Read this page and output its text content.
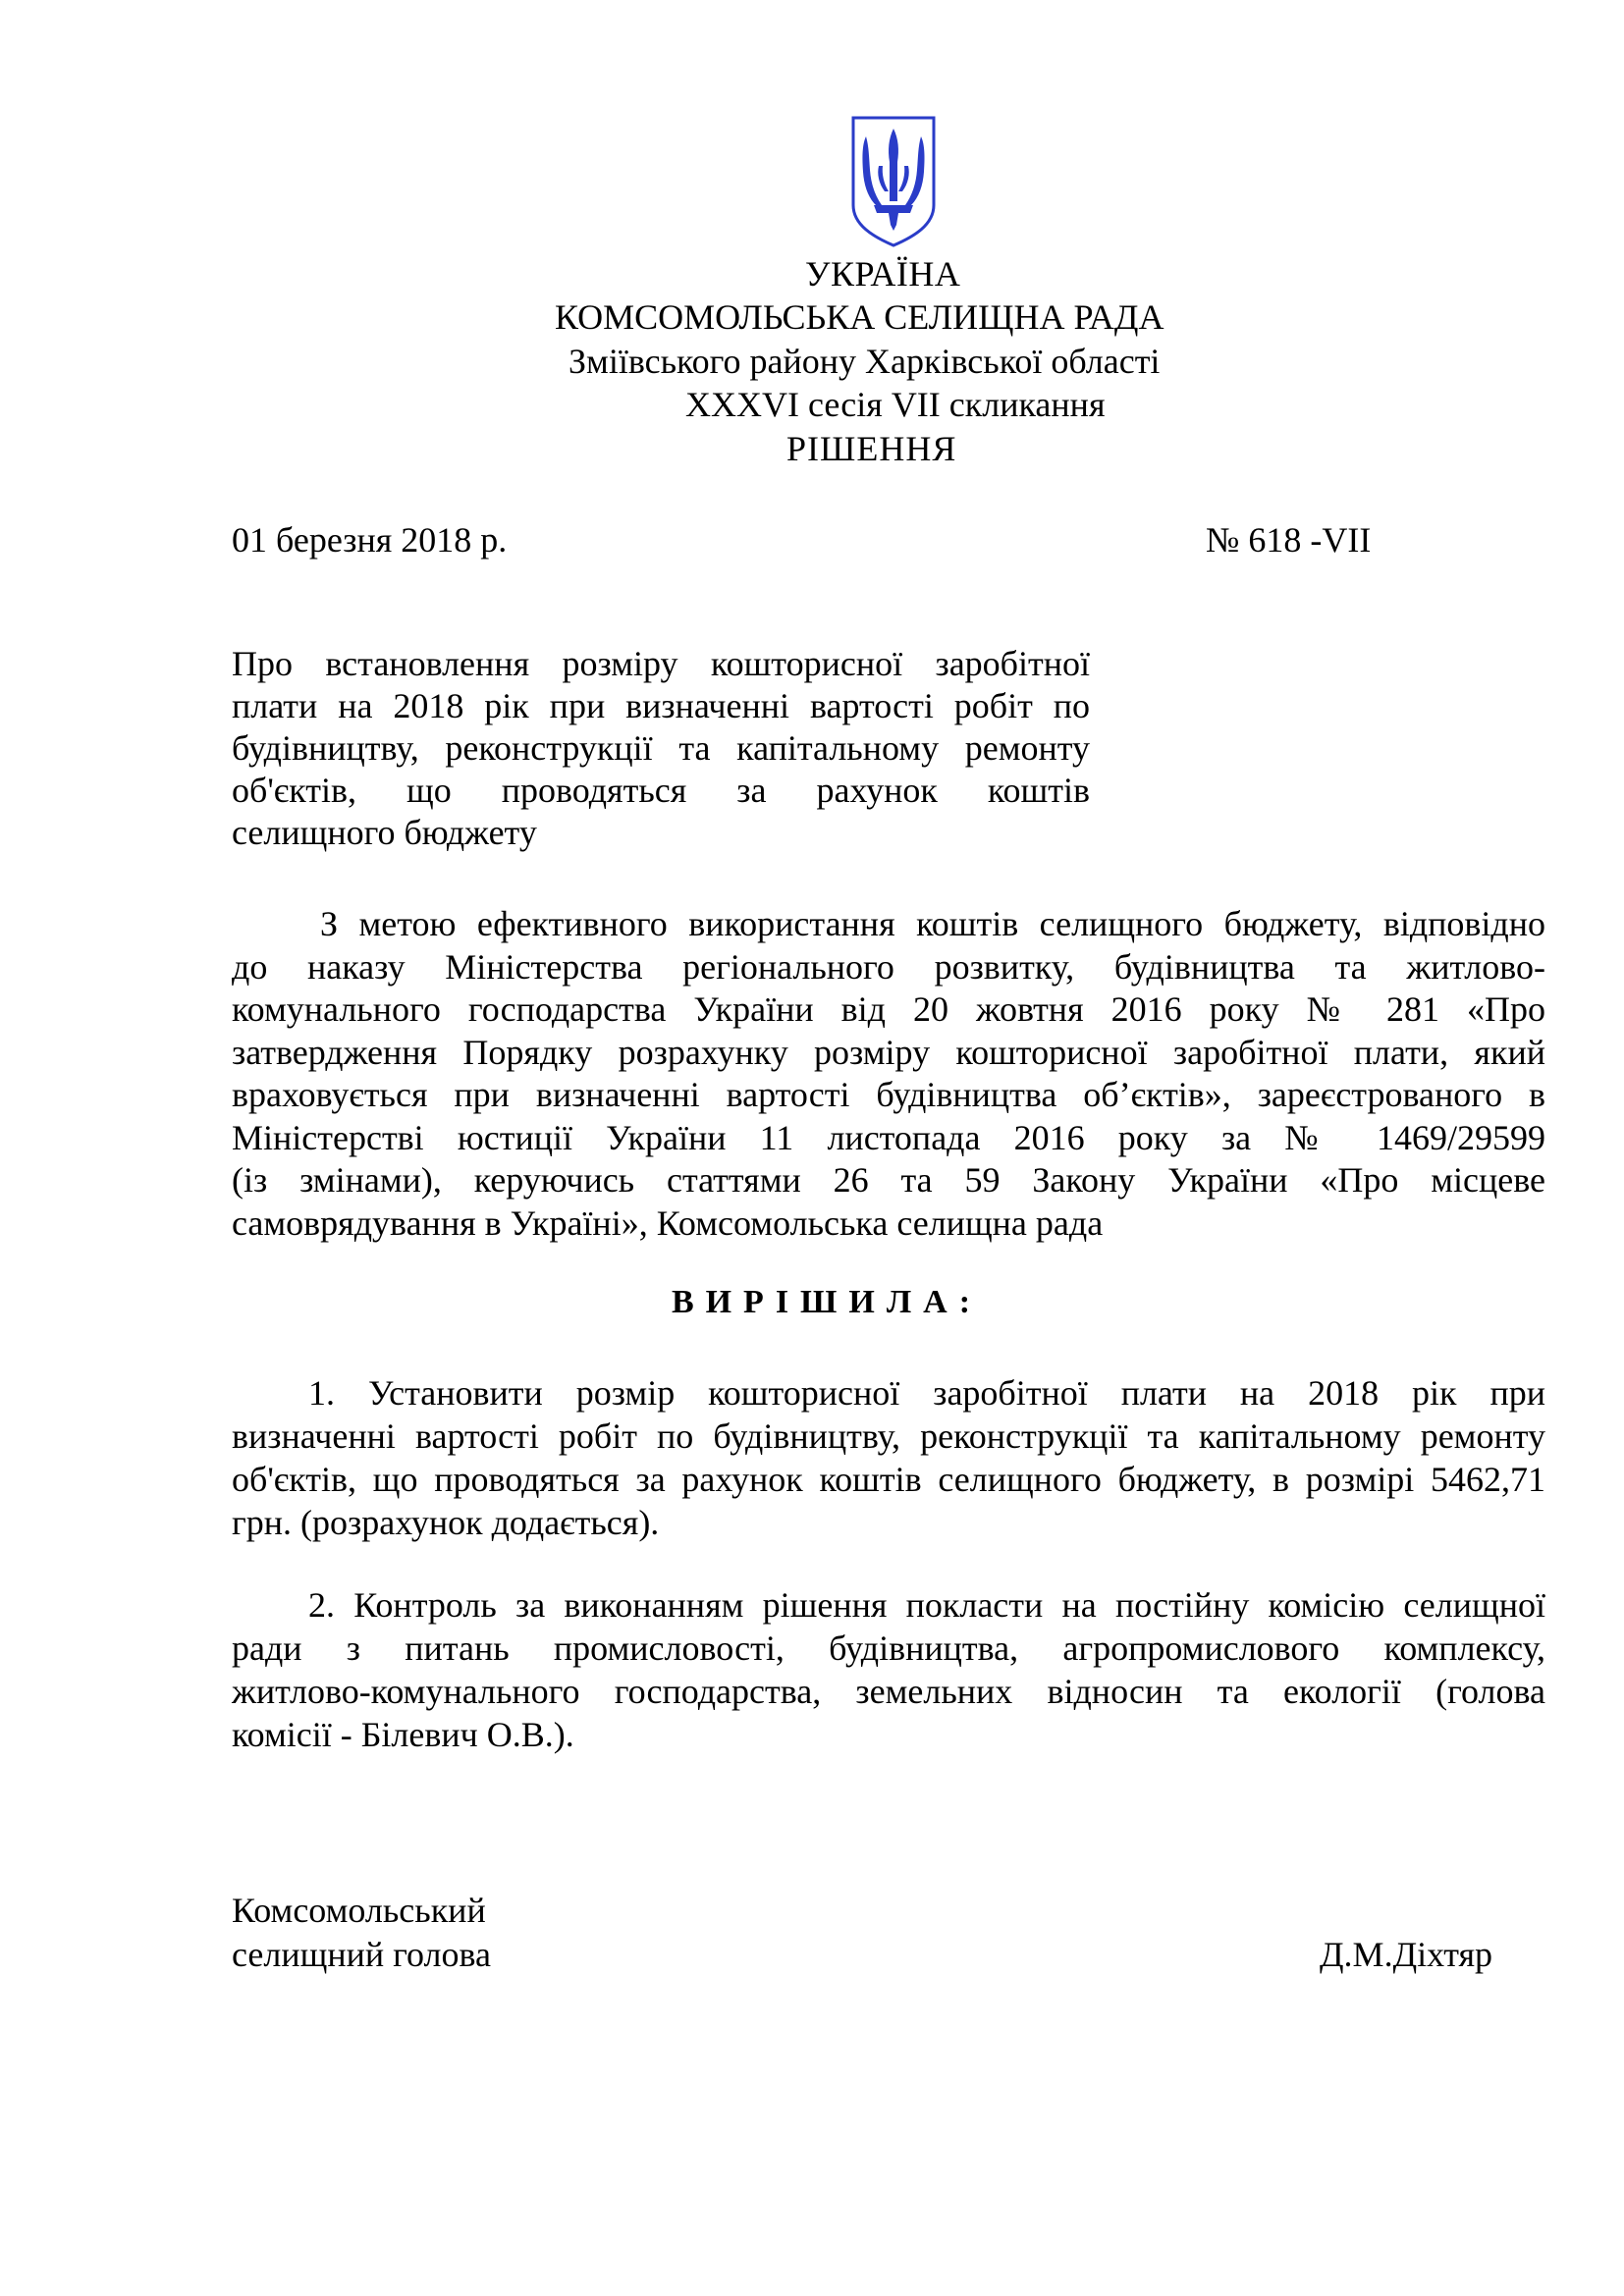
УКРАЇНА
КОМСОМОЛЬСЬКА СЕЛИЩНА РАДА
Зміївського району Харківської області
XXXVI сесія VII скликання
РІШЕННЯ
01 березня 2018 р.	№ 618 -VII
Про встановлення розміру кошторисної заробітної
плати на 2018 рік при визначенні вартості робіт по
будівництву, реконструкції та капітальному ремонту
об'єктів, що проводяться за рахунок коштів
селищного бюджету
З метою ефективного використання коштів селищного бюджету, відповідно
до наказу Міністерства регіонального розвитку, будівництва та житлово-
комунального господарства України від 20 жовтня 2016 року № 281 «Про
затвердження Порядку розрахунку розміру кошторисної заробітної плати, який
враховується при визначенні вартості будівництва об’єктів», зареєстрованого в
Міністерстві юстиції України 11 листопада 2016 року за № 1469/29599
(із змінами), керуючись статтями 26 та 59 Закону України «Про місцеве
самоврядування в Україні», Комсомольська селищна рада
ВИРІШИЛА:
1. Установити розмір кошторисної заробітної плати на 2018 рік при
визначенні вартості робіт по будівництву, реконструкції та капітальному ремонту
об'єктів, що проводяться за рахунок коштів селищного бюджету, в розмірі 5462,71
грн. (розрахунок додається).
2. Контроль за виконанням рішення покласти на постійну комісію селищної
ради з питань промисловості, будівництва, агропромислового комплексу,
житлово-комунального господарства, земельних відносин та екології (голова
комісії - Білевич О.В.).
Комсомольський
селищний голова	Д.М.Діхтяр
